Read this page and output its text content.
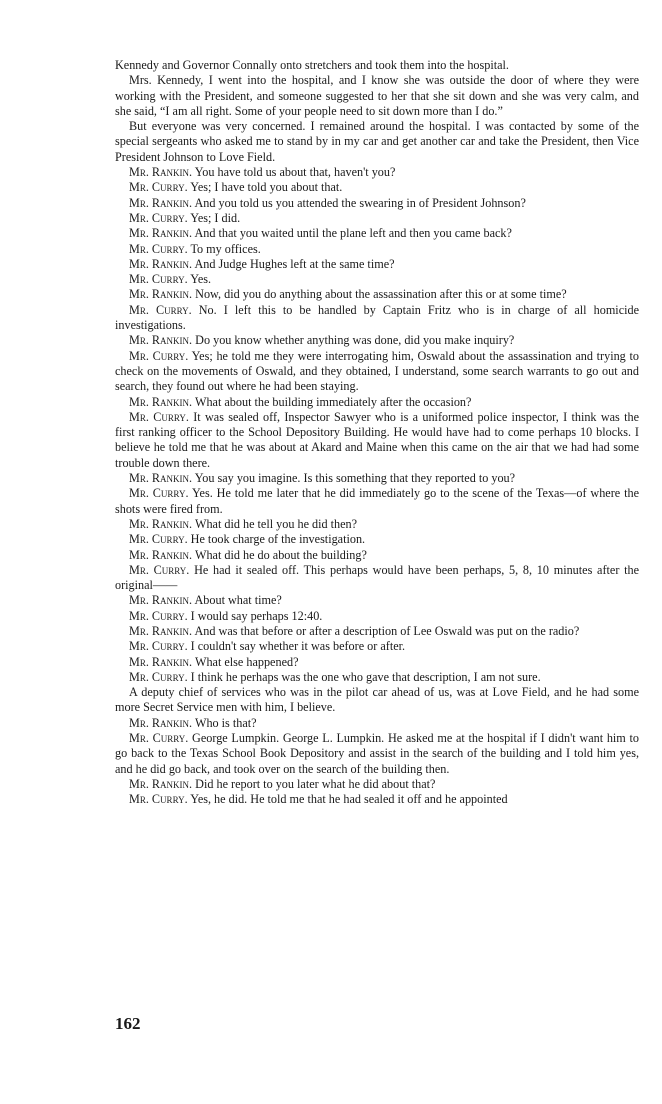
Kennedy and Governor Connally onto stretchers and took them into the hospital.

Mrs. Kennedy, I went into the hospital, and I know she was outside the door of where they were working with the President, and someone suggested to her that she sit down and she was very calm, and she said, “I am all right. Some of your people need to sit down more than I do.”

But everyone was very concerned. I remained around the hospital. I was contacted by some of the special sergeants who asked me to stand by in my car and get another car and take the President, then Vice President Johnson to Love Field.

Mr. Rankin. You have told us about that, haven't you?

Mr. Curry. Yes; I have told you about that.

Mr. Rankin. And you told us you attended the swearing in of President Johnson?

Mr. Curry. Yes; I did.

Mr. Rankin. And that you waited until the plane left and then you came back?

Mr. Curry. To my offices.

Mr. Rankin. And Judge Hughes left at the same time?

Mr. Curry. Yes.

Mr. Rankin. Now, did you do anything about the assassination after this or at some time?

Mr. Curry. No. I left this to be handled by Captain Fritz who is in charge of all homicide investigations.

Mr. Rankin. Do you know whether anything was done, did you make inquiry?

Mr. Curry. Yes; he told me they were interrogating him, Oswald about the assassination and trying to check on the movements of Oswald, and they obtained, I understand, some search warrants to go out and search, they found out where he had been staying.

Mr. Rankin. What about the building immediately after the occasion?

Mr. Curry. It was sealed off, Inspector Sawyer who is a uniformed police inspector, I think was the first ranking officer to the School Depository Building. He would have had to come perhaps 10 blocks. I believe he told me that he was about at Akard and Maine when this came on the air that we had had some trouble down there.

Mr. Rankin. You say you imagine. Is this something that they reported to you?

Mr. Curry. Yes. He told me later that he did immediately go to the scene of the Texas—of where the shots were fired from.

Mr. Rankin. What did he tell you he did then?

Mr. Curry. He took charge of the investigation.

Mr. Rankin. What did he do about the building?

Mr. Curry. He had it sealed off. This perhaps would have been perhaps, 5, 8, 10 minutes after the original——

Mr. Rankin. About what time?

Mr. Curry. I would say perhaps 12:40.

Mr. Rankin. And was that before or after a description of Lee Oswald was put on the radio?

Mr. Curry. I couldn't say whether it was before or after.

Mr. Rankin. What else happened?

Mr. Curry. I think he perhaps was the one who gave that description, I am not sure.

A deputy chief of services who was in the pilot car ahead of us, was at Love Field, and he had some more Secret Service men with him, I believe.

Mr. Rankin. Who is that?

Mr. Curry. George Lumpkin. George L. Lumpkin. He asked me at the hospital if I didn't want him to go back to the Texas School Book Depository and assist in the search of the building and I told him yes, and he did go back, and took over on the search of the building then.

Mr. Rankin. Did he report to you later what he did about that?

Mr. Curry. Yes, he did. He told me that he had sealed it off and he appointed

162
